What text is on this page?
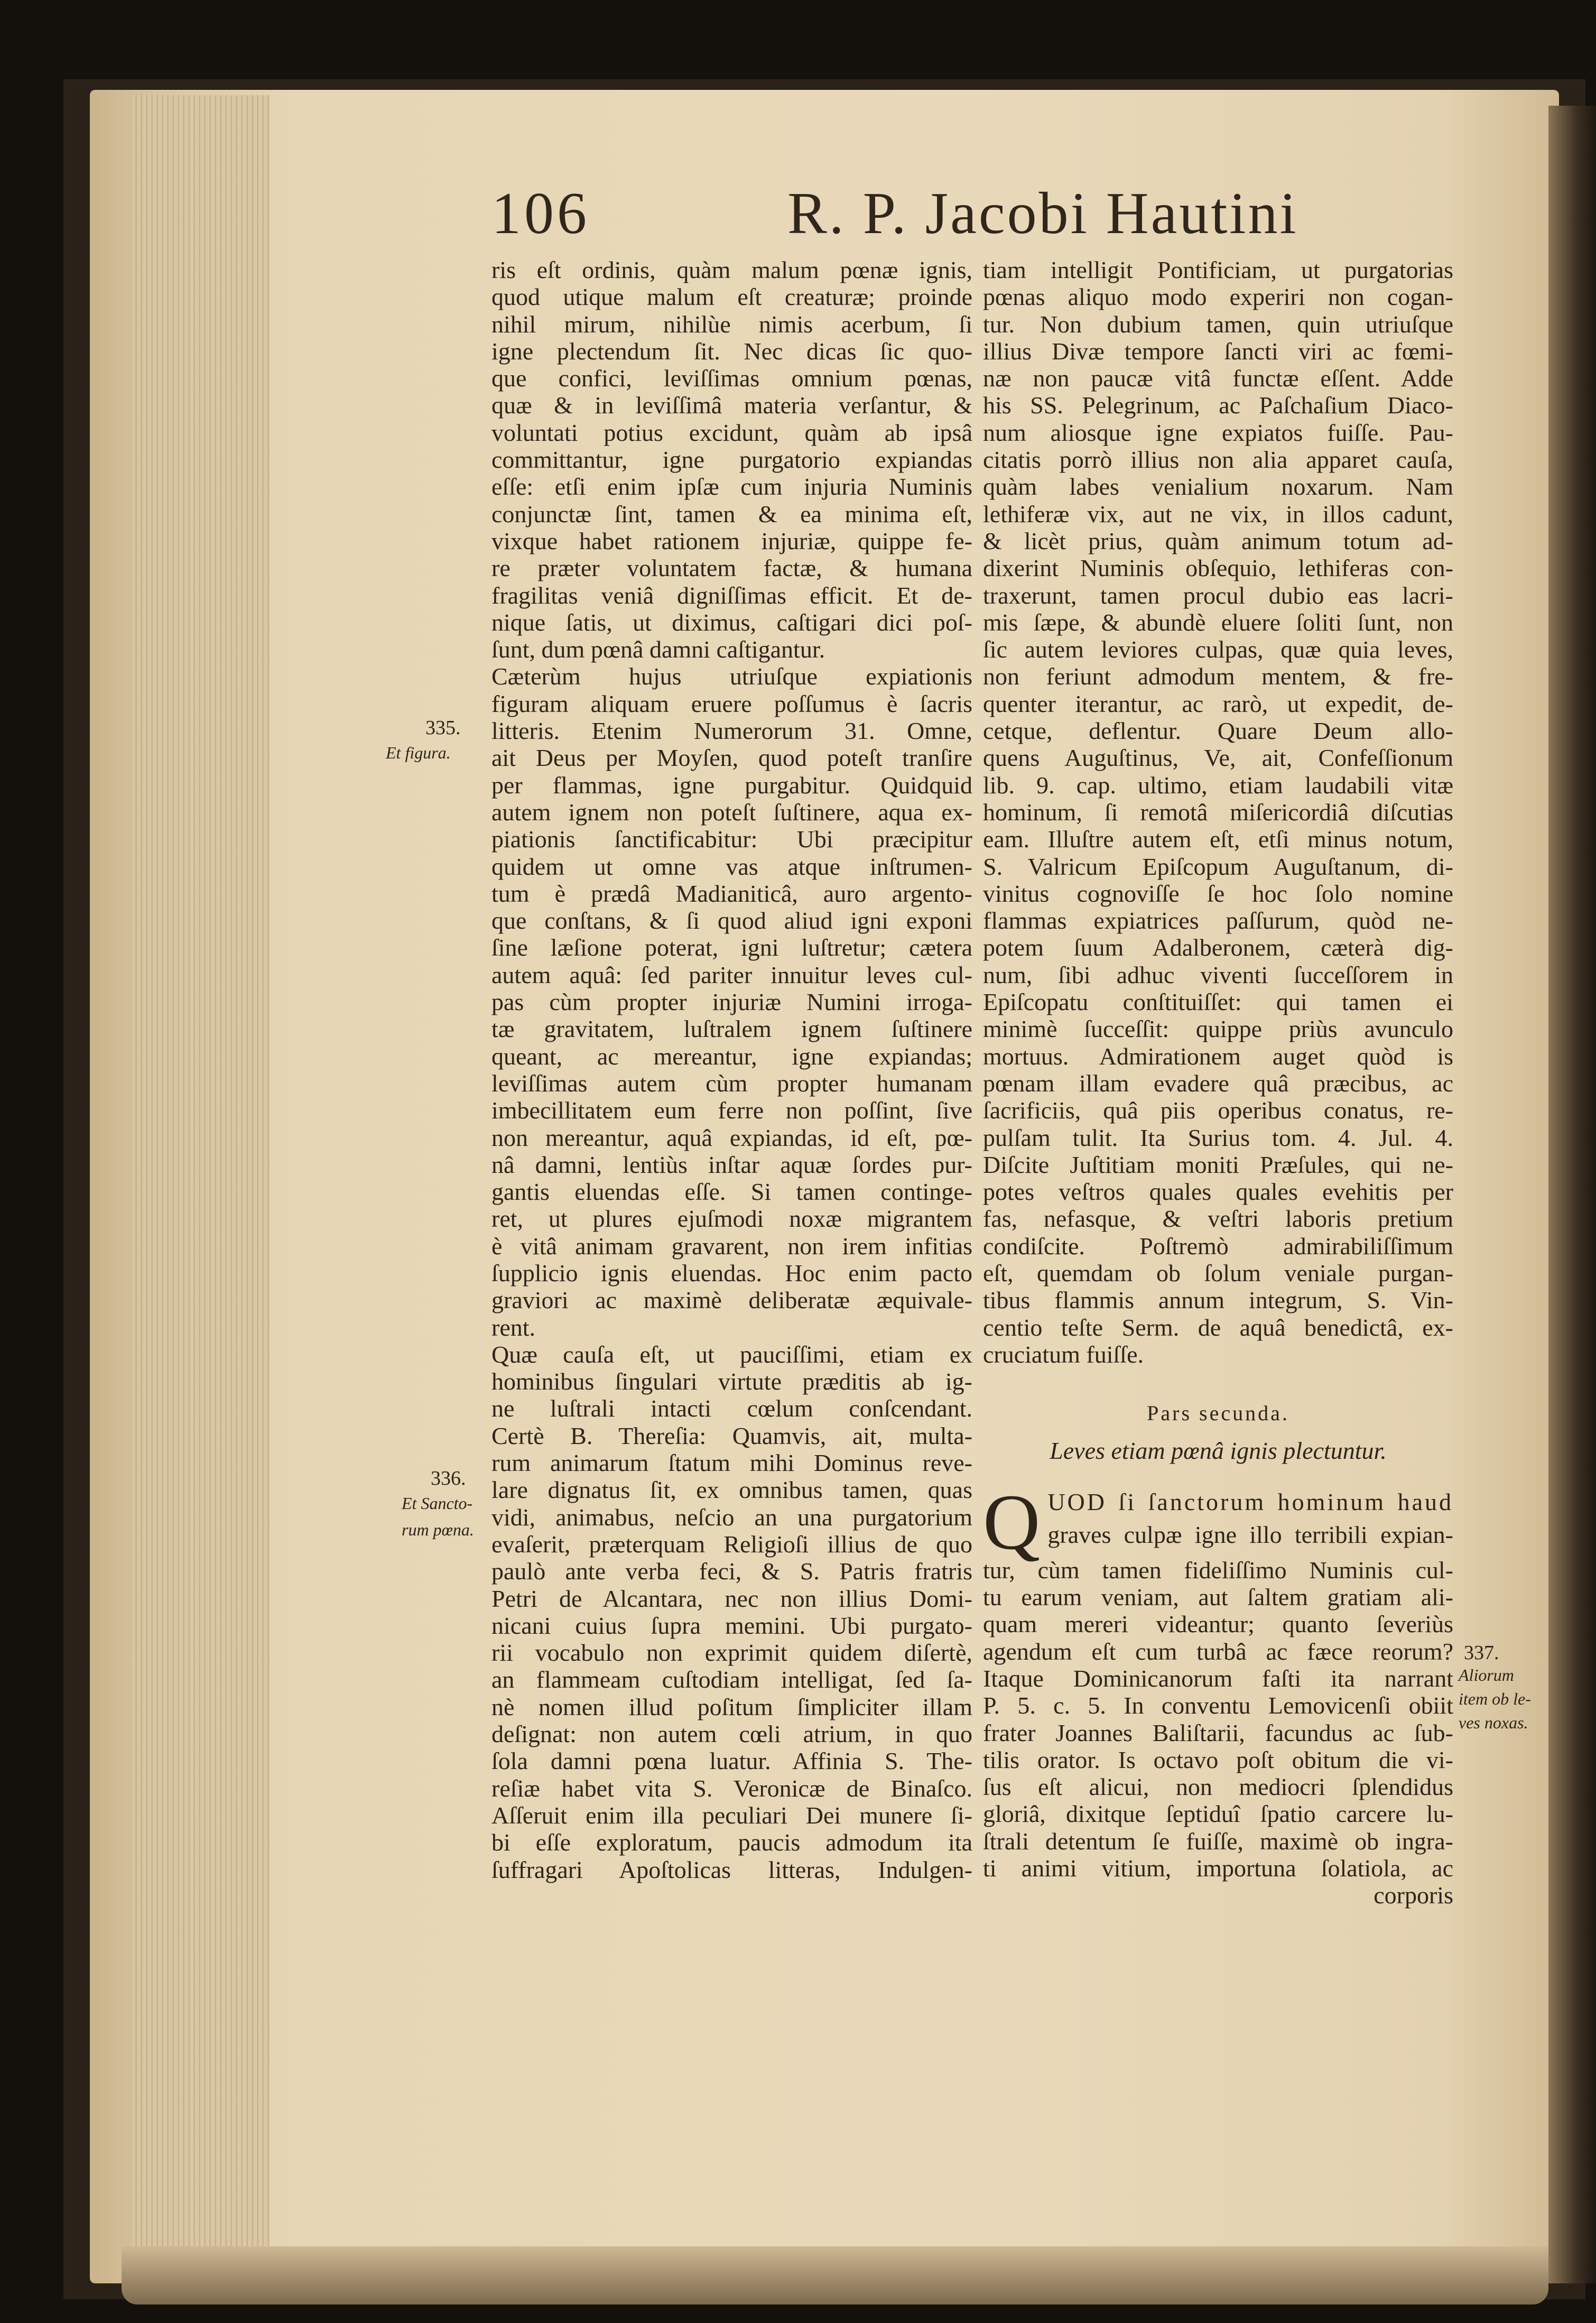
106	R. P. Jacobi Hautini
ris eſt ordinis, quàm malum pœnæ ignis,
quod utique malum eſt creaturæ; proinde
nihil mirum, nihilùe nimis acerbum, ſi
igne plectendum ſit. Nec dicas ſic quo-
que confici, leviſſimas omnium pœnas,
quæ & in leviſſimâ materia verſantur, &
voluntati potius excidunt, quàm ab ipsâ
committantur, igne purgatorio expiandas
eſſe: etſi enim ipſæ cum injuria Numinis
conjunctæ ſint, tamen & ea minima eſt,
vixque habet rationem injuriæ, quippe fe-
re præter voluntatem factæ, & humana
fragilitas veniâ digniſſimas efficit. Et de-
nique ſatis, ut diximus, caſtigari dici poſ-
ſunt, dum pœnâ damni caſtigantur.
Cæterùm hujus utriuſque expiationis
figuram aliquam eruere poſſumus è ſacris
litteris. Etenim Numerorum 31. Omne,
ait Deus per Moyſen, quod poteſt tranſire
per flammas, igne purgabitur. Quidquid
autem ignem non poteſt ſuſtinere, aqua ex-
piationis ſanctificabitur: Ubi præcipitur
quidem ut omne vas atque inſtrumen-
tum è prædâ Madianiticâ, auro argento-
que conſtans, & ſi quod aliud igni exponi
ſine læſione poterat, igni luſtretur; cætera
autem aquâ: ſed pariter innuitur leves cul-
pas cùm propter injuriæ Numini irroga-
tæ gravitatem, luſtralem ignem ſuſtinere
queant, ac mereantur, igne expiandas;
leviſſimas autem cùm propter humanam
imbecillitatem eum ferre non poſſint, ſive
non mereantur, aquâ expiandas, id eſt, pœ-
nâ damni, lentiùs inſtar aquæ ſordes pur-
gantis eluendas eſſe. Si tamen continge-
ret, ut plures ejuſmodi noxæ migrantem
è vitâ animam gravarent, non irem infitias
ſupplicio ignis eluendas. Hoc enim pacto
graviori ac maximè deliberatæ æquivale-
rent.
Quæ cauſa eſt, ut pauciſſimi, etiam ex
hominibus ſingulari virtute præditis ab ig-
ne luſtrali intacti cœlum conſcendant.
Certè B. Thereſia: Quamvis, ait, multa-
rum animarum ſtatum mihi Dominus reve-
lare dignatus ſit, ex omnibus tamen, quas
vidi, animabus, neſcio an una purgatorium
evaſerit, præterquam Religioſi illius de quo
paulò ante verba feci, & S. Patris fratris
Petri de Alcantara, nec non illius Domi-
nicani cuius ſupra memini. Ubi purgato-
rii vocabulo non exprimit quidem diſertè,
an flammeam cuſtodiam intelligat, ſed ſa-
nè nomen illud poſitum ſimpliciter illam
deſignat: non autem cœli atrium, in quo
ſola damni pœna luatur. Affinia S. The-
reſiæ habet vita S. Veronicæ de Binaſco.
Aſſeruit enim illa peculiari Dei munere ſi-
bi eſſe exploratum, paucis admodum ita
ſuffragari Apoſtolicas litteras, Indulgen-
tiam intelligit Pontificiam, ut purgatorias
pœnas aliquo modo experiri non cogan-
tur. Non dubium tamen, quin utriuſque
illius Divæ tempore ſancti viri ac fœmi-
næ non paucæ vitâ functæ eſſent. Adde
his SS. Pelegrinum, ac Paſchaſium Diaco-
num aliosque igne expiatos fuiſſe. Pau-
citatis porrò illius non alia apparet cauſa,
quàm labes venialium noxarum. Nam
lethiferæ vix, aut ne vix, in illos cadunt,
& licèt prius, quàm animum totum ad-
dixerint Numinis obſequio, lethiferas con-
traxerunt, tamen procul dubio eas lacri-
mis ſæpe, & abundè eluere ſoliti ſunt, non
ſic autem leviores culpas, quæ quia leves,
non feriunt admodum mentem, & fre-
quenter iterantur, ac rarò, ut expedit, de-
cetque, deflentur. Quare Deum allo-
quens Auguſtinus, Ve, ait, Confeſſionum
lib. 9. cap. ultimo, etiam laudabili vitæ
hominum, ſi remotâ miſericordiâ diſcutias
eam. Illuſtre autem eſt, etſi minus notum,
S. Valricum Epiſcopum Auguſtanum, di-
vinitus cognoviſſe ſe hoc ſolo nomine
flammas expiatrices paſſurum, quòd ne-
potem ſuum Adalberonem, cæterà dig-
num, ſibi adhuc viventi ſucceſſorem in
Epiſcopatu conſtituiſſet: qui tamen ei
minimè ſucceſſit: quippe priùs avunculo
mortuus. Admirationem auget quòd is
pœnam illam evadere quâ præcibus, ac
ſacrificiis, quâ piis operibus conatus, re-
pulſam tulit. Ita Surius tom. 4. Jul. 4.
Diſcite Juſtitiam moniti Præſules, qui ne-
potes veſtros quales quales evehitis per
fas, nefasque, & veſtri laboris pretium
condiſcite. Poſtremò admirabiliſſimum
eſt, quemdam ob ſolum veniale purgan-
tibus flammis annum integrum, S. Vin-
centio teſte Serm. de aquâ benedictâ, ex-
cruciatum fuiſſe.
Pars secunda.
Leves etiam pœnâ ignis plectuntur.
Q UOD ſi ſanctorum hominum haud
graves culpæ igne illo terribili expian-
tur, cùm tamen fideliſſimo Numinis cul-
tu earum veniam, aut ſaltem gratiam ali-
quam mereri videantur; quanto ſeveriùs
agendum eſt cum turbâ ac fæce reorum?
Itaque Dominicanorum faſti ita narrant
P. 5. c. 5. In conventu Lemovicenſi obiit
frater Joannes Baliſtarii, facundus ac ſub-
tilis orator. Is octavo poſt obitum die vi-
ſus eſt alicui, non mediocri ſplendidus
gloriâ, dixitque ſeptiduî ſpatio carcere lu-
ſtrali detentum ſe fuiſſe, maximè ob ingra-
ti animi vitium, importuna ſolatiola, ac
corporis
335.
Et figura.
336.
Et Sancto-
rum pœna.
337.
Aliorum
item ob le-
ves noxas.
